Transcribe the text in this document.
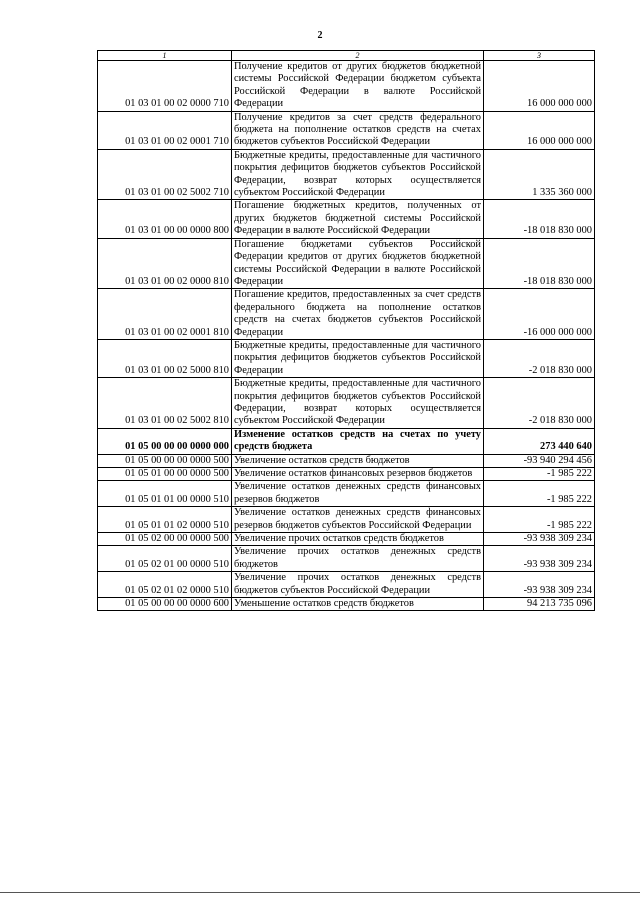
2
1	2	3
01 03 01 00 02 0000 710	Получение кредитов от других бюджетов бюджетной системы Российской Федерации бюджетом субъекта Российской Федерации в валюте Российской Федерации	16 000 000 000
01 03 01 00 02 0001 710	Получение кредитов за счет средств федерального бюджета на пополнение остатков средств на счетах бюджетов субъектов Российской Федерации	16 000 000 000
01 03 01 00 02 5002 710	Бюджетные кредиты, предоставленные для частичного покрытия дефицитов бюджетов субъектов Российской Федерации, возврат которых осуществляется субъектом Российской Федерации	1 335 360 000
01 03 01 00 00 0000 800	Погашение бюджетных кредитов, полученных от других бюджетов бюджетной системы Российской Федерации в валюте Российской Федерации	-18 018 830 000
01 03 01 00 02 0000 810	Погашение бюджетами субъектов Российской Федерации кредитов от других бюджетов бюджетной системы Российской Федерации в валюте Российской Федерации	-18 018 830 000
01 03 01 00 02 0001 810	Погашение кредитов, предоставленных за счет средств федерального бюджета на пополнение остатков средств на счетах бюджетов субъектов Российской Федерации	-16 000 000 000
01 03 01 00 02 5000 810	Бюджетные кредиты, предоставленные для частичного покрытия дефицитов бюджетов субъектов Российской Федерации	-2 018 830 000
01 03 01 00 02 5002 810	Бюджетные кредиты, предоставленные для частичного покрытия дефицитов бюджетов субъектов Российской Федерации, возврат которых осуществляется субъектом Российской Федерации	-2 018 830 000
01 05 00 00 00 0000 000	Изменение остатков средств на счетах по учету средств бюджета	273 440 640
01 05 00 00 00 0000 500	Увеличение остатков средств бюджетов	-93 940 294 456
01 05 01 00 00 0000 500	Увеличение остатков финансовых резервов бюджетов	-1 985 222
01 05 01 01 00 0000 510	Увеличение остатков денежных средств финансовых резервов бюджетов	-1 985 222
01 05 01 01 02 0000 510	Увеличение остатков денежных средств финансовых резервов бюджетов субъектов Российской Федерации	-1 985 222
01 05 02 00 00 0000 500	Увеличение прочих остатков средств бюджетов	-93 938 309 234
01 05 02 01 00 0000 510	Увеличение прочих остатков денежных средств бюджетов	-93 938 309 234
01 05 02 01 02 0000 510	Увеличение прочих остатков денежных средств бюджетов субъектов Российской Федерации	-93 938 309 234
01 05 00 00 00 0000 600	Уменьшение остатков средств бюджетов	94 213 735 096
